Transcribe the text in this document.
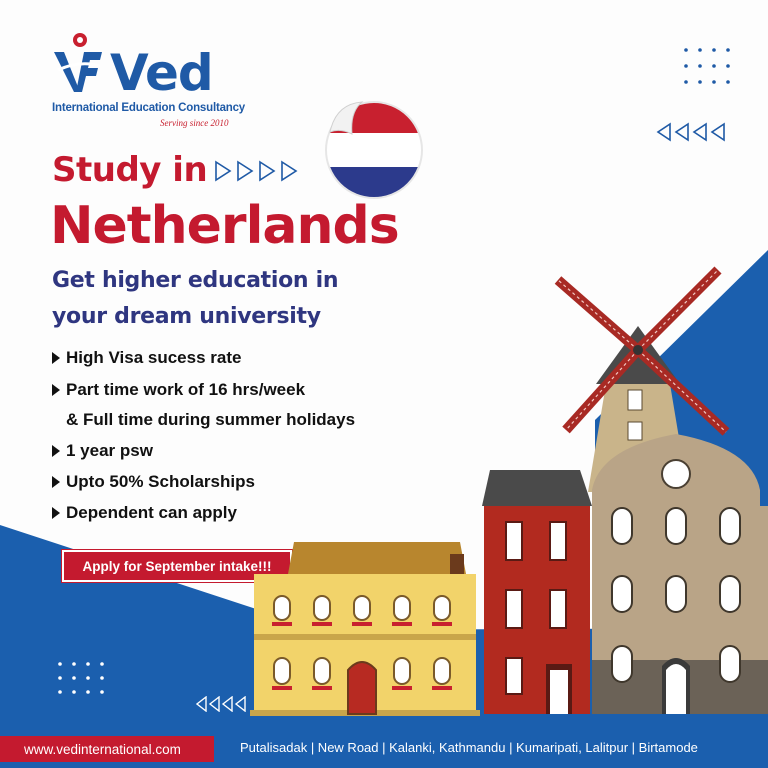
Ved
International Education Consultancy
Serving since 2010
Study in
Netherlands
Get higher education in
your dream university
High Visa sucess rate
Part time work of 16 hrs/week
& Full time during summer holidays
1 year psw
Upto 50% Scholarships
Dependent can apply
Apply for September intake!!!
www.vedinternational.com	Putalisadak | New Road | Kalanki, Kathmandu | Kumaripati, Lalitpur | Birtamode
